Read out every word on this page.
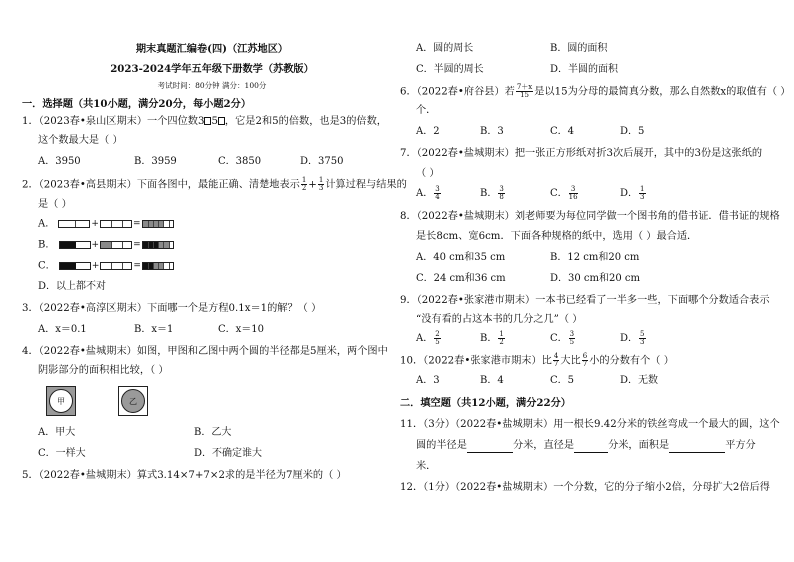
期末真题汇编卷(四)（江苏地区）
2023-2024学年五年级下册数学（苏教版）
考试时间：80分钟 满分：100分
一．选择题（共10小题，满分20分，每小题2分）
1．（2023春•泉山区期末）一个四位数3 5 ，它是2和5的倍数，也是3的倍数，
这个数最大是（ ）
A．3950	B．3959	C．3850	D．3750
2．（2023春•高县期末）下面各图中，最能正确、清楚地表示 $\frac{1}{2} + \frac{1}{3}$ 计算过程与结果的
是（ ）
A．	+	=
B．	+	=
C．	+	=
D．以上都不对
3．（2022春•高淳区期末）下面哪一个是方程0.1x＝1的解？（ ）
A．x＝0.1	B．x＝1	C．x＝10
4．（2022春•盐城期末）如图，甲图和乙图中两个圆的半径都是5厘米，两个图中
阴影部分的面积相比较，（ ）
甲	乙
A．甲大	B．乙大
C．一样大	D．不确定谁大
5．（2022春•盐城期末）算式3.14×7+7×2求的是半径为7厘米的（ ）
A．圆的周长	B．圆的面积
C．半圆的周长	D．半圆的面积
6．（2022春•府谷县）若 $\frac{7+x}{15}$ 是以15为分母的最简真分数，那么自然数x的取值有（ ）
个．
A．2	B．3	C．4	D．5
7．（2022春•盐城期末）把一张正方形纸对折3次后展开，其中的3份是这张纸的
（ ）
A． $\frac{3}{4}$	B． $\frac{3}{8}$	C． $\frac{3}{16}$	D． $\frac{1}{3}$
8．（2022春•盐城期末）刘老师要为每位同学做一个图书角的借书证．借书证的规格
是长8cm、宽6cm．下面各种规格的纸中，选用（ ）最合适．
A．40 cm和35 cm	B．12 cm和20 cm
C．24 cm和36 cm	D．30 cm和20 cm
9．（2022春•张家港市期末）一本书已经看了一半多一些，下面哪个分数适合表示
“没有看的占这本书的几分之几”（ ）
A． $\frac{2}{5}$	B． $\frac{1}{2}$	C． $\frac{3}{5}$	D． $\frac{5}{3}$
10．（2022春•张家港市期末）比 $\frac{4}{7}$ 大比 $\frac{6}{7}$ 小的分数有个（ ）
A．3	B．4	C．5	D．无数
二．填空题（共12小题，满分22分）
11．（3分）（2022春•盐城期末）用一根长9.42分米的铁丝弯成一个最大的圆，这个
圆的半径是	分米，直径是	分米，面积是	平方分
米．
12．（1分）（2022春•盐城期末）一个分数，它的分子缩小2倍，分母扩大2倍后得
